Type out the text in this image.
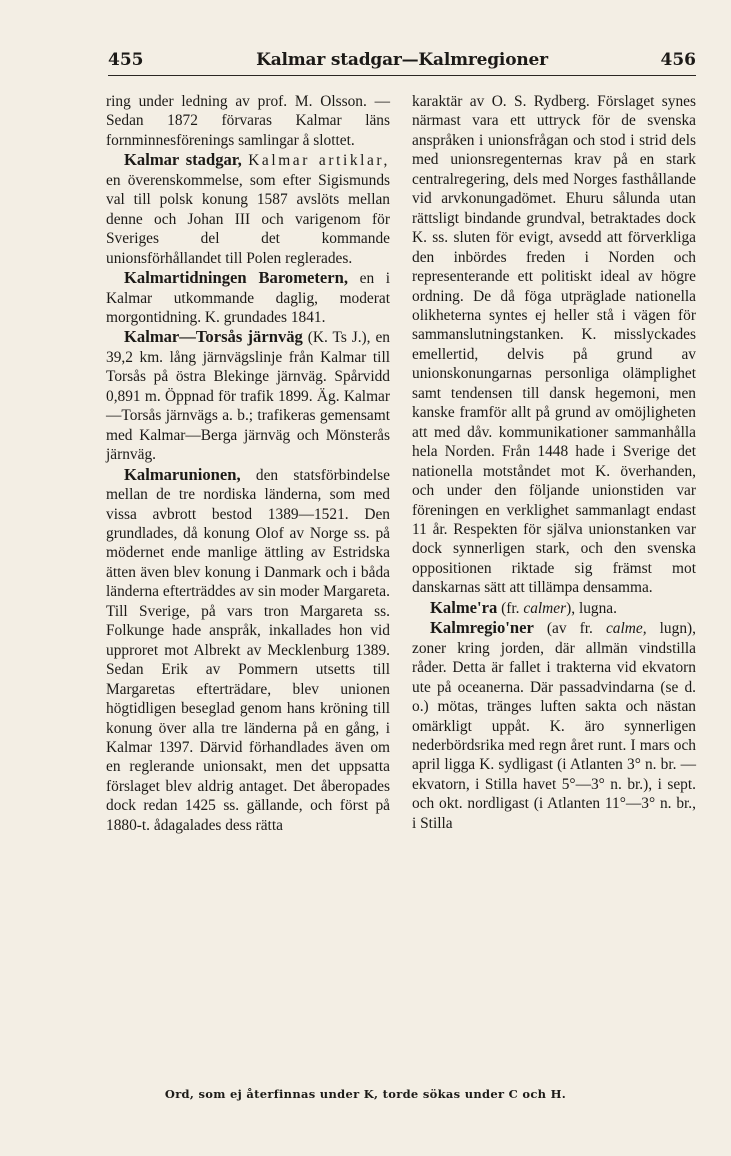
455	Kalmar stadgar—Kalmregioner	456

ring under ledning av prof. M. Olsson. — Sedan 1872 förvaras Kalmar läns fornminnesförenings samlingar å slottet.

Kalmar stadgar, Kalmar artiklar, en överenskommelse, som efter Sigismunds val till polsk konung 1587 avslöts mellan denne och Johan III och varigenom för Sveriges del det kommande unionsförhållandet till Polen reglerades.

Kalmartidningen Barometern, en i Kalmar utkommande daglig, moderat morgontidning. K. grundades 1841.

Kalmar—Torsås järnväg (K. Ts J.), en 39,2 km. lång järnvägslinje från Kalmar till Torsås på östra Blekinge järnväg. Spårvidd 0,891 m. Öppnad för trafik 1899. Äg. Kalmar—Torsås järnvägs a. b.; trafikeras gemensamt med Kalmar—Berga järnväg och Mönsterås järnväg.

Kalmarunionen, den statsförbindelse mellan de tre nordiska länderna, som med vissa avbrott bestod 1389—1521. Den grundlades, då konung Olof av Norge ss. på mödernet ende manlige ättling av Estridska ätten även blev konung i Danmark och i båda länderna efterträddes av sin moder Margareta. Till Sverige, på vars tron Margareta ss. Folkunge hade anspråk, inkallades hon vid upproret mot Albrekt av Mecklenburg 1389. Sedan Erik av Pommern utsetts till Margaretas efterträdare, blev unionen högtidligen beseglad genom hans kröning till konung över alla tre länderna på en gång, i Kalmar 1397. Därvid förhandlades även om en reglerande unionsakt, men det uppsatta förslaget blev aldrig antaget. Det åberopades dock redan 1425 ss. gällande, och först på 1880-t. ådagalades dess rätta

karaktär av O. S. Rydberg. Förslaget synes närmast vara ett uttryck för de svenska anspråken i unionsfrågan och stod i strid dels med unionsregenternas krav på en stark centralregering, dels med Norges fasthållande vid arvkonungadömet. Ehuru sålunda utan rättsligt bindande grundval, betraktades dock K. ss. sluten för evigt, avsedd att förverkliga den inbördes freden i Norden och representerande ett politiskt ideal av högre ordning. De då föga utpräglade nationella olikheterna syntes ej heller stå i vägen för sammanslutningstanken. K. misslyckades emellertid, delvis på grund av unionskonungarnas personliga olämplighet samt tendensen till dansk hegemoni, men kanske framför allt på grund av omöjligheten att med dåv. kommunikationer sammanhålla hela Norden. Från 1448 hade i Sverige det nationella motståndet mot K. överhanden, och under den följande unionstiden var föreningen en verklighet sammanlagt endast 11 år. Respekten för själva unionstanken var dock synnerligen stark, och den svenska oppositionen riktade sig främst mot danskarnas sätt att tillämpa densamma.

Kalme'ra (fr. calmer), lugna.

Kalmregio'ner (av fr. calme, lugn), zoner kring jorden, där allmän vindstilla råder. Detta är fallet i trakterna vid ekvatorn ute på oceanerna. Där passadvindarna (se d. o.) mötas, tränges luften sakta och nästan omärkligt uppåt. K. äro synnerligen nederbördsrika med regn året runt. I mars och april ligga K. sydligast (i Atlanten 3° n. br. —ekvatorn, i Stilla havet 5°—3° n. br.), i sept. och okt. nordligast (i Atlanten 11°—3° n. br., i Stilla

Ord, som ej återfinnas under K, torde sökas under C och H.
